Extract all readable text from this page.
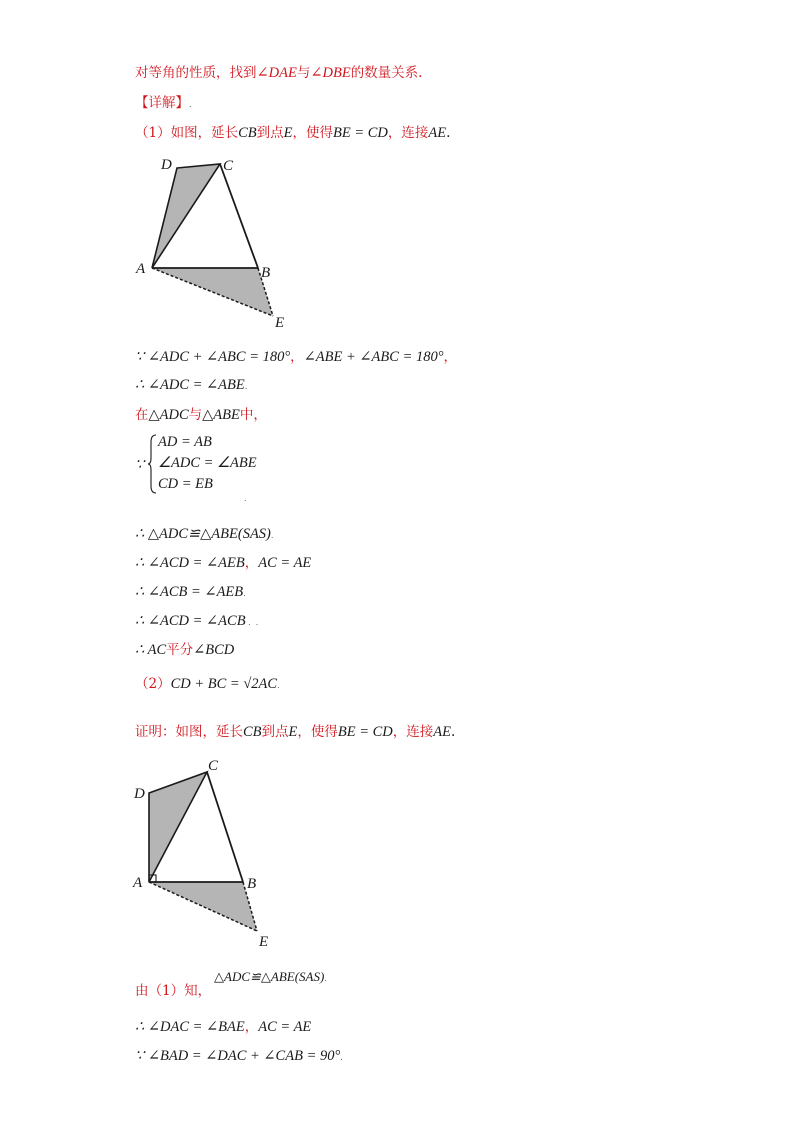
对等角的性质，找到∠DAE与∠DBE的数量关系.
【详解】.
（1）如图，延长CB到点E，使得BE = CD，连接AE.
D	C
A	B
E
∵ ∠ADC + ∠ABC = 180°，∠ABE + ∠ABC = 180°，
∴ ∠ADC = ∠ABE.
在△ADC与△ABE中，
∵
AD = AB
∠ADC = ∠ABE
CD = EB
.
∴ △ADC≌△ABE(SAS).
∴ ∠ACD = ∠AEB，AC = AE
∴ ∠ACB = ∠AEB.
∴ ∠ACD = ∠ACB .  .
∴ AC平分∠BCD
（2）CD + BC = √2AC.
证明：如图，延长CB到点E，使得BE = CD，连接AE.
D
C
A	B
E
△ADC≌△ABE(SAS).
由（1）知，
∴ ∠DAC = ∠BAE，AC = AE
∵ ∠BAD = ∠DAC + ∠CAB = 90°.
